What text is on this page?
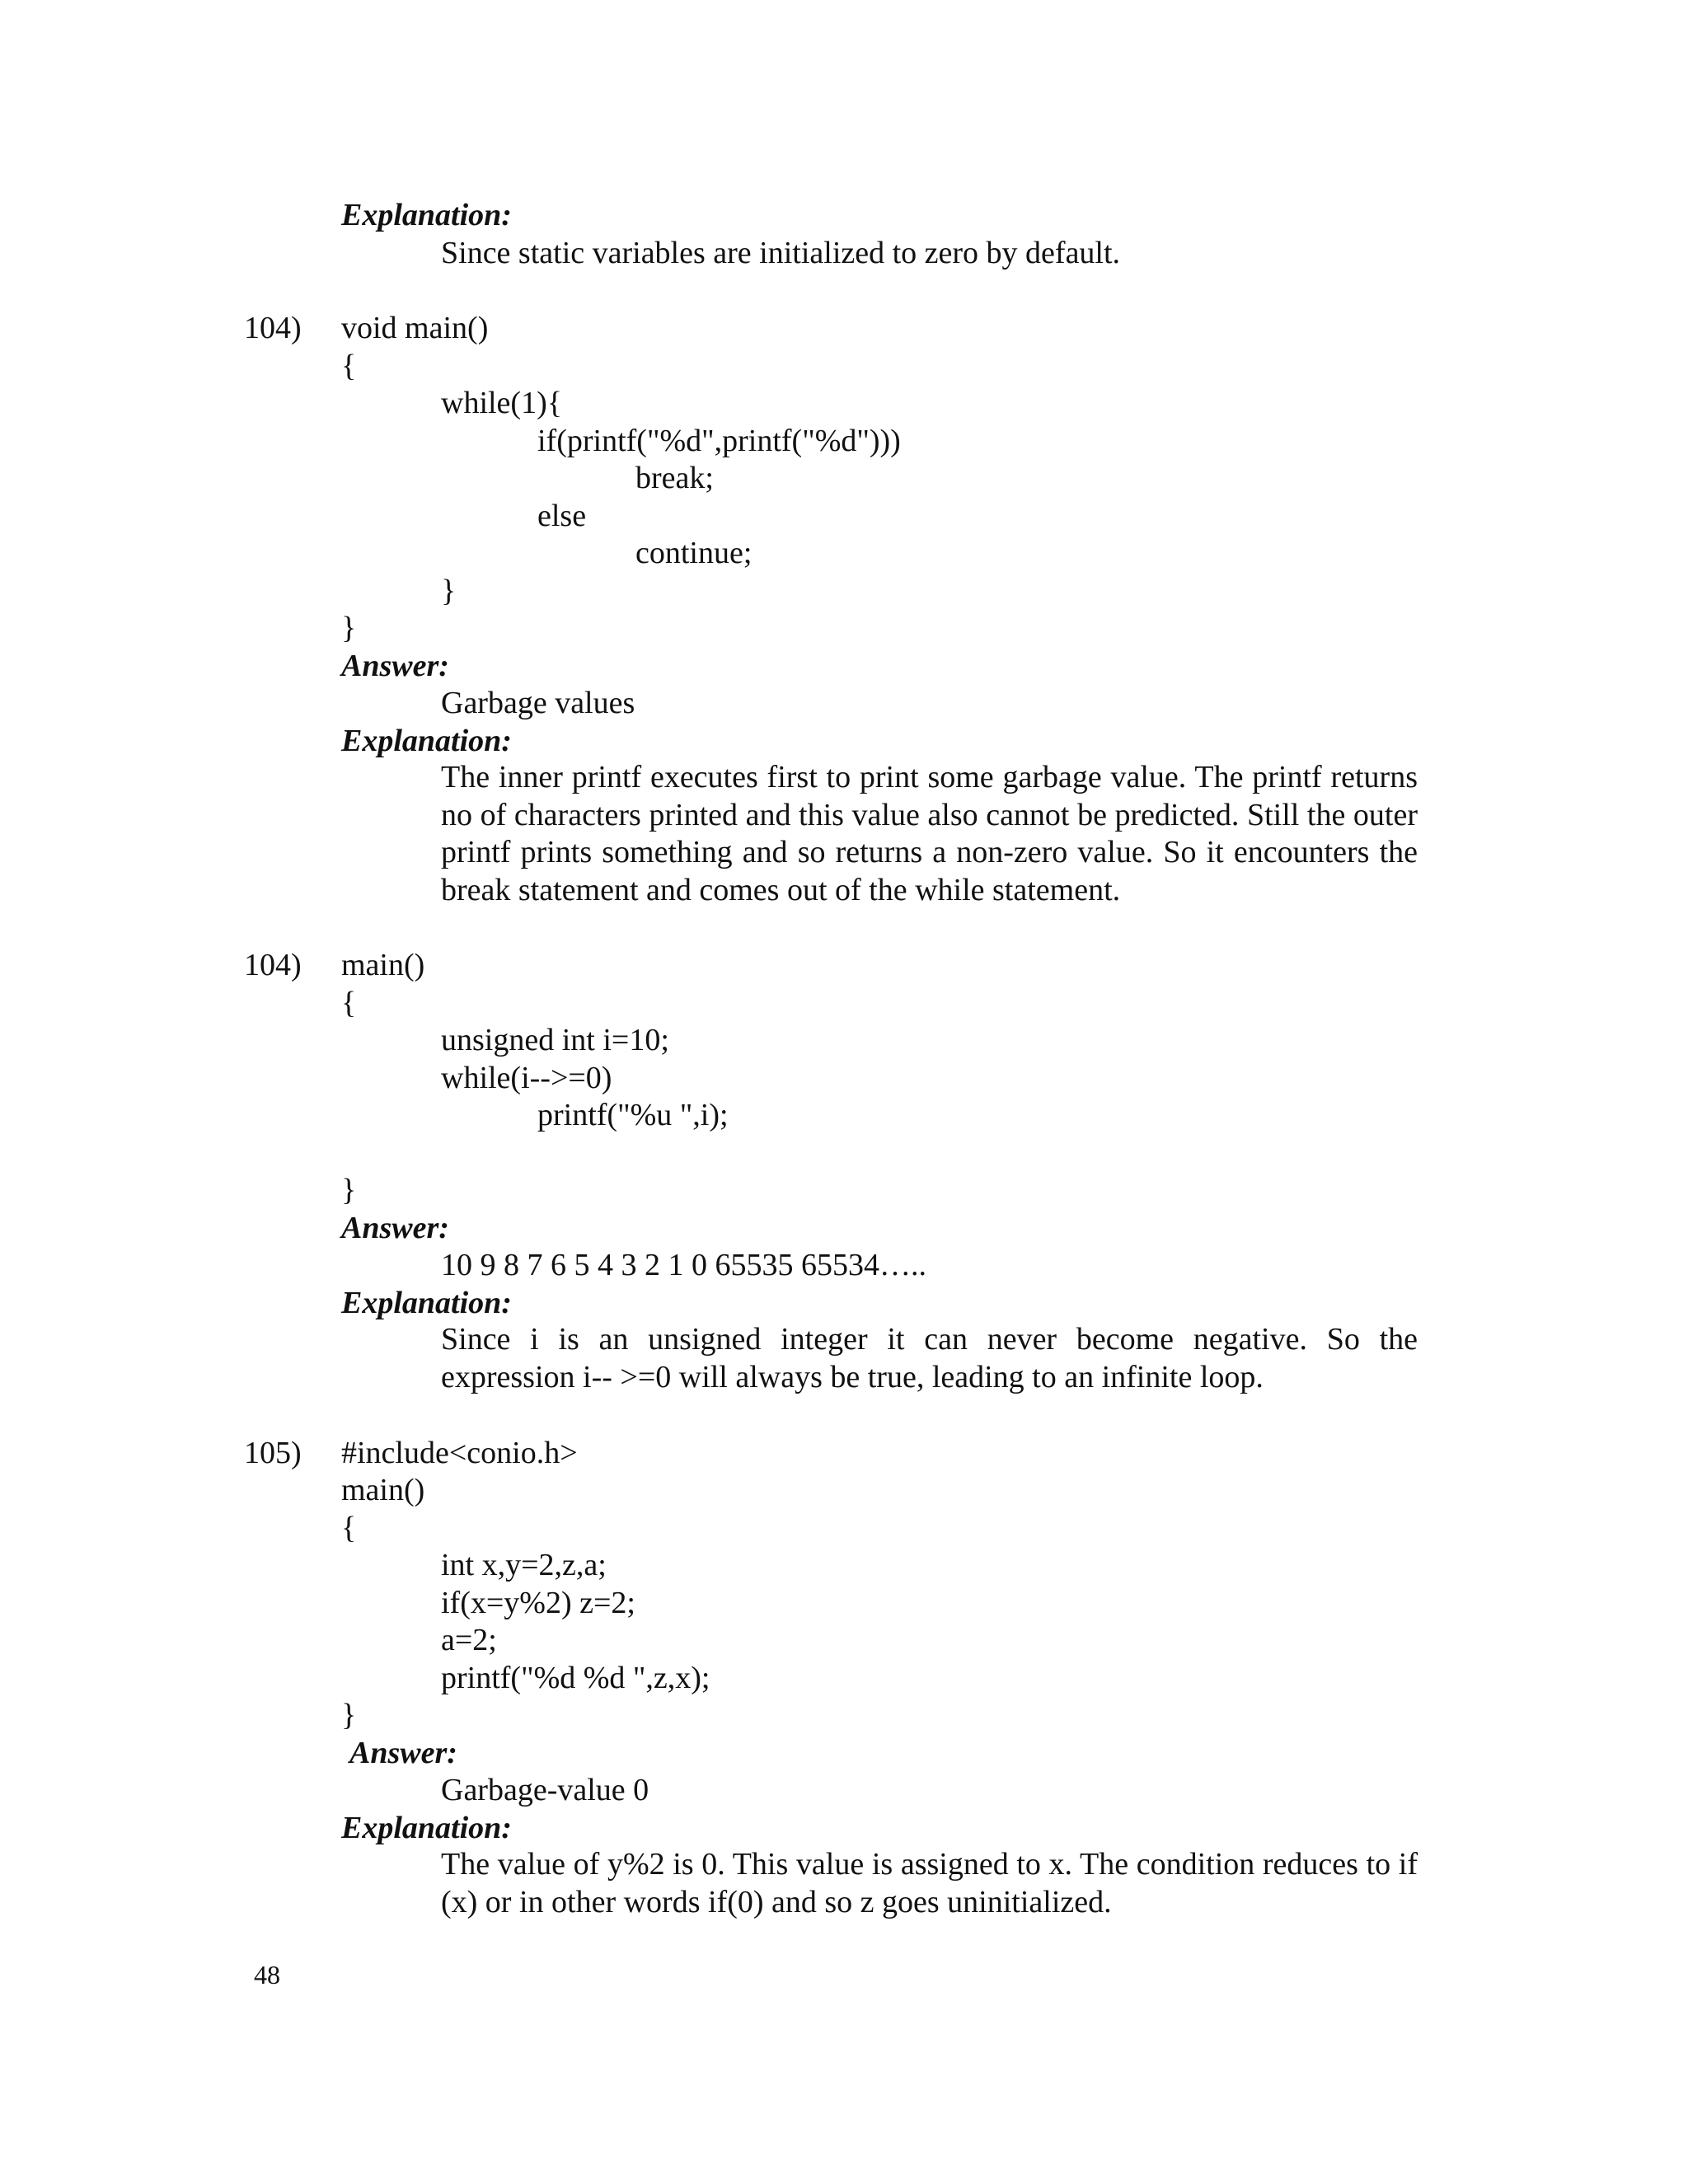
Explanation:
Since static variables are initialized to zero by default.
104) void main()
{
while(1){
if(printf("%d",printf("%d")))
break;
else
continue;
}
}
Answer:
Garbage values
Explanation:
The inner printf executes first to print some garbage value. The printf returns no of characters printed and this value also cannot be predicted. Still the outer printf prints something and so returns a non-zero value. So it encounters the break statement and comes out of the while statement.
104) main()
{
unsigned int i=10;
while(i-->=0)
printf("%u ",i);
}
Answer:
10 9 8 7 6 5 4 3 2 1 0 65535 65534…..
Explanation:
Since i is an unsigned integer it can never become negative. So the expression i-- >=0 will always be true, leading to an infinite loop.
105) #include<conio.h>
main()
{
int x,y=2,z,a;
if(x=y%2) z=2;
a=2;
printf("%d %d ",z,x);
}
Answer:
Garbage-value 0
Explanation:
The value of y%2 is 0. This value is assigned to x. The condition reduces to if (x) or in other words if(0) and so z goes uninitialized.
48
